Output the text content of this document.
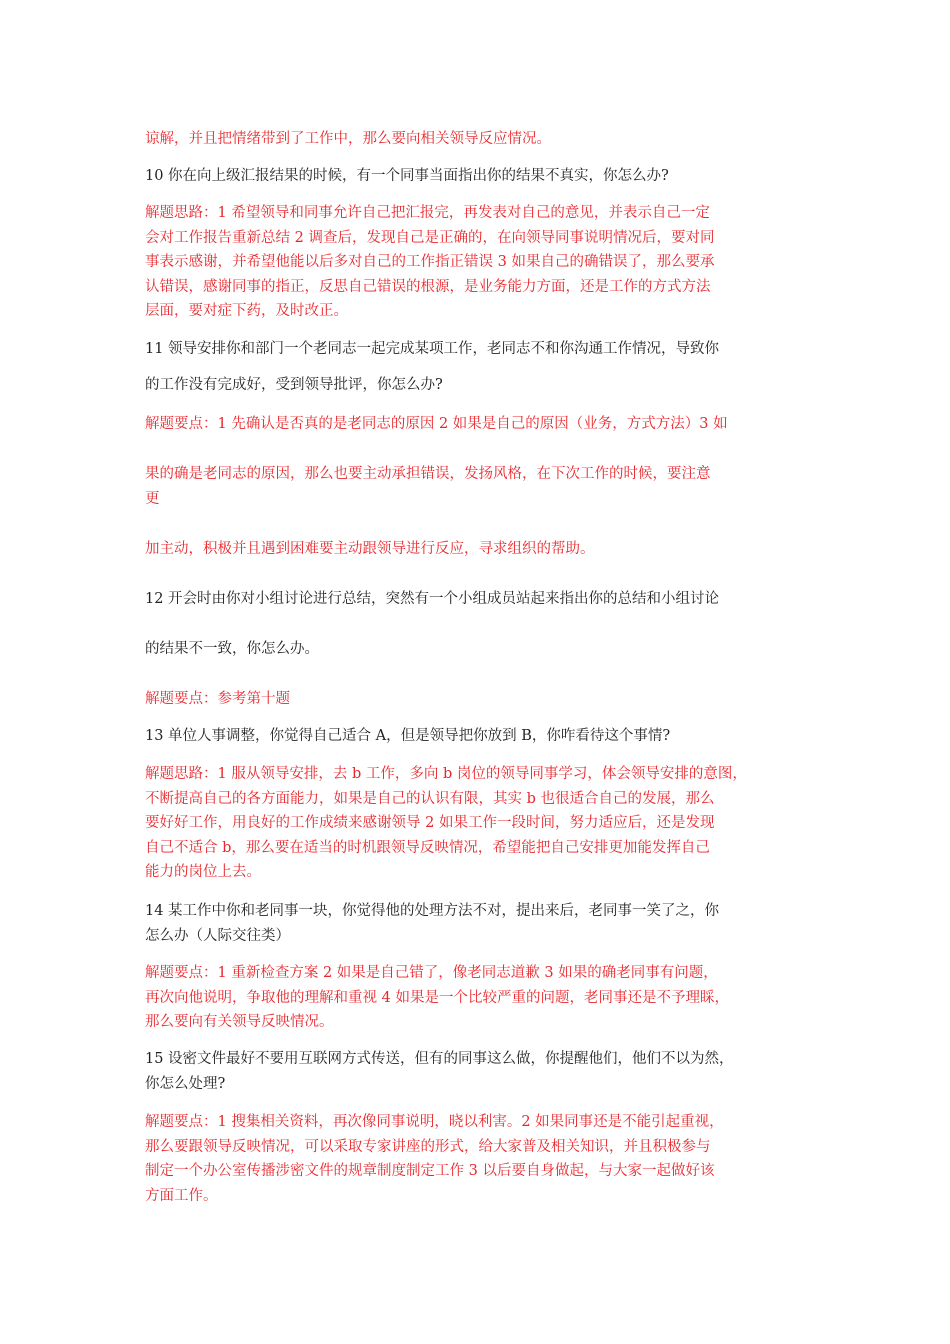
谅解，并且把情绪带到了工作中，那么要向相关领导反应情况。

10 你在向上级汇报结果的时候，有一个同事当面指出你的结果不真实，你怎么办?

解题思路：1 希望领导和同事允许自己把汇报完，再发表对自己的意见，并表示自己一定
会对工作报告重新总结 2 调查后，发现自己是正确的，在向领导同事说明情况后，要对同
事表示感谢，并希望他能以后多对自己的工作指正错误 3 如果自己的确错误了，那么要承
认错误，感谢同事的指正，反思自己错误的根源，是业务能力方面，还是工作的方式方法
层面，要对症下药，及时改正。

11 领导安排你和部门一个老同志一起完成某项工作，老同志不和你沟通工作情况，导致你

的工作没有完成好，受到领导批评，你怎么办?

解题要点：1 先确认是否真的是老同志的原因 2 如果是自己的原因（业务，方式方法）3 如

果的确是老同志的原因，那么也要主动承担错误，发扬风格，在下次工作的时候，要注意
更

加主动，积极并且遇到困难要主动跟领导进行反应，寻求组织的帮助。

12 开会时由你对小组讨论进行总结，突然有一个小组成员站起来指出你的总结和小组讨论

的结果不一致，你怎么办。

解题要点：参考第十题

13 单位人事调整，你觉得自己适合 A，但是领导把你放到 B，你咋看待这个事情?

解题思路：1 服从领导安排，去 b 工作，多向 b 岗位的领导同事学习，体会领导安排的意图，
不断提高自己的各方面能力，如果是自己的认识有限，其实 b 也很适合自己的发展，那么
要好好工作，用良好的工作成绩来感谢领导 2 如果工作一段时间，努力适应后，还是发现
自己不适合 b，那么要在适当的时机跟领导反映情况，希望能把自己安排更加能发挥自己
能力的岗位上去。

14 某工作中你和老同事一块，你觉得他的处理方法不对，提出来后，老同事一笑了之，你
怎么办（人际交往类）

解题要点：1 重新检查方案 2 如果是自己错了，像老同志道歉 3 如果的确老同事有问题，
再次向他说明，争取他的理解和重视 4 如果是一个比较严重的问题，老同事还是不予理睬，
那么要向有关领导反映情况。

15 设密文件最好不要用互联网方式传送，但有的同事这么做，你提醒他们，他们不以为然，
你怎么处理?

解题要点：1 搜集相关资料，再次像同事说明，晓以利害。2 如果同事还是不能引起重视，
那么要跟领导反映情况，可以采取专家讲座的形式，给大家普及相关知识，并且积极参与
制定一个办公室传播涉密文件的规章制度制定工作 3 以后要自身做起，与大家一起做好该
方面工作。
